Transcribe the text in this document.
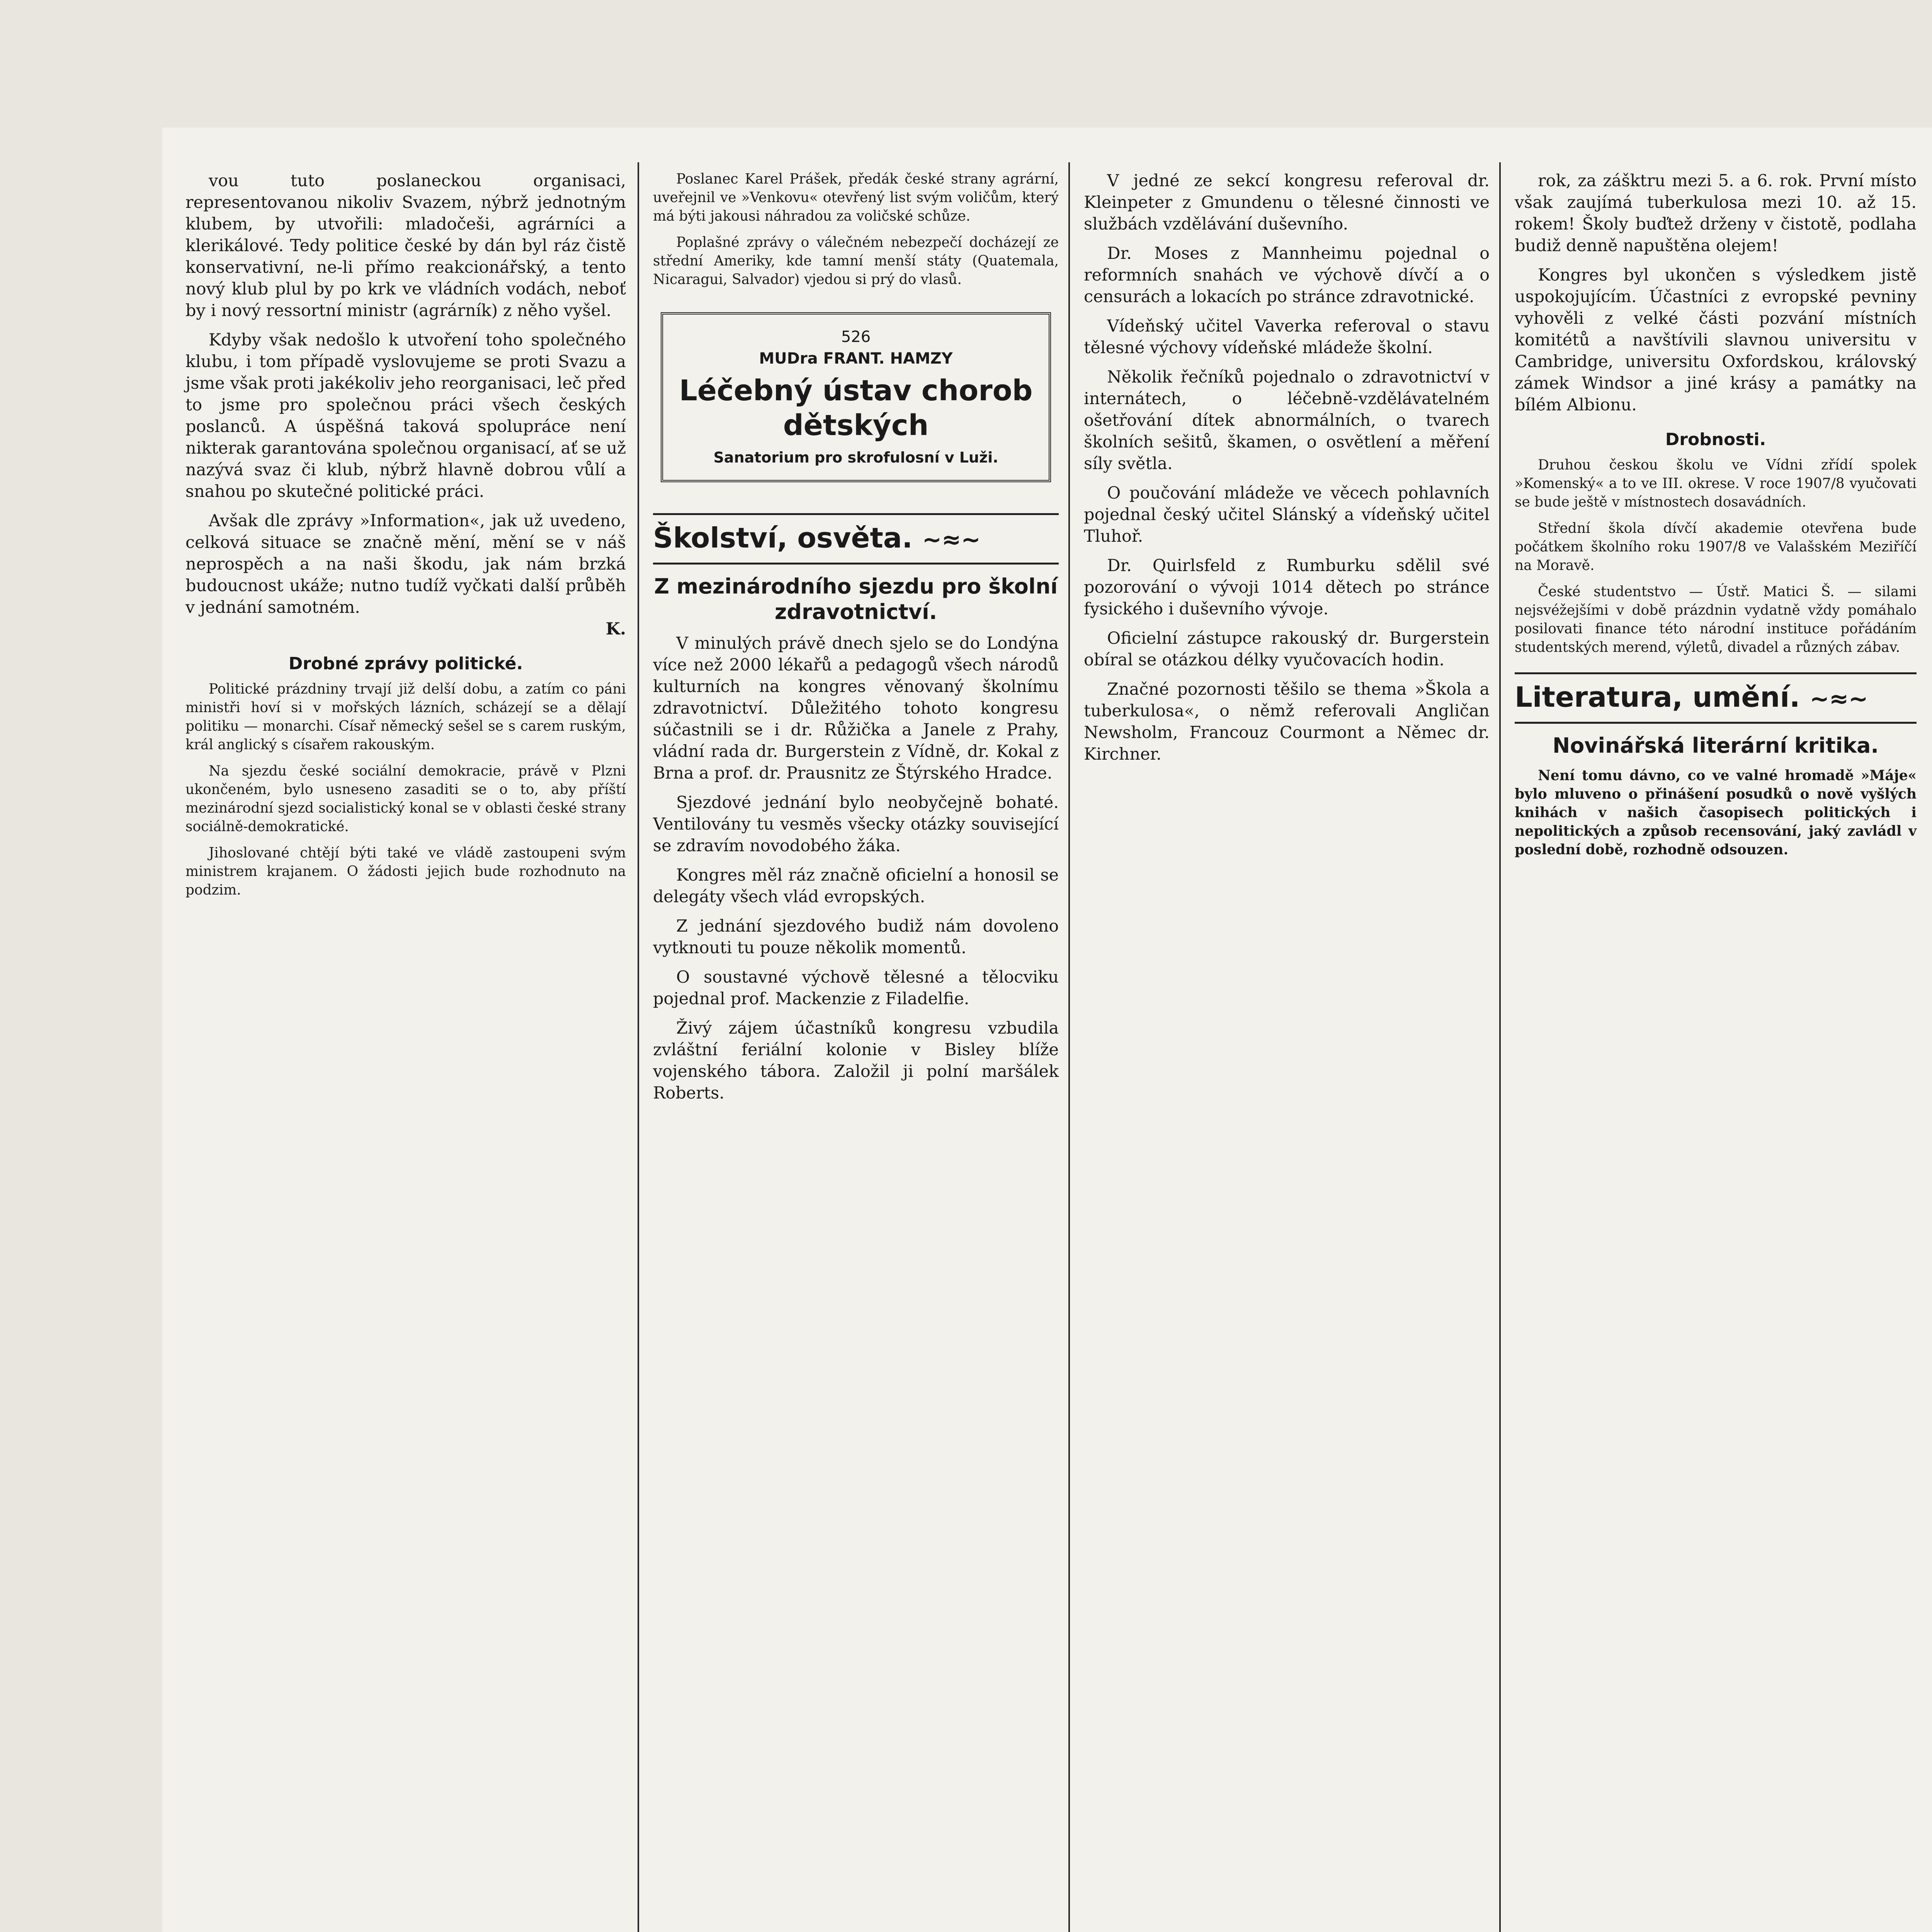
vou tuto poslaneckou organisaci, representovanou nikoliv Svazem, nýbrž jednotným klubem, by utvořili: mladočeši, agrárníci a klerikálové. Tedy politice české by dán byl ráz čistě konservativní, ne-li přímo reakcionářský, a tento nový klub plul by po krk ve vládních vodách, neboť by i nový ressortní ministr (agrárník) z něho vyšel.

Kdyby však nedošlo k utvoření toho společného klubu, i tom případě vyslovujeme se proti Svazu a jsme však proti jakékoliv jeho reorganisaci, leč před to jsme pro společnou práci všech českých poslanců. A úspěšná taková spolupráce není nikterak garantována společnou organisací, ať se už nazývá svaz či klub, nýbrž hlavně dobrou vůlí a snahou po skutečné politické práci.

Avšak dle zprávy »Information«, jak už uvedeno, celková situace se značně mění, mění se v náš neprospěch a na naši škodu, jak nám brzká budoucnost ukáže; nutno tudíž vyčkati další průběh v jednání samotném.

K.
Drobné zprávy politické.

Politické prázdniny trvají již delší dobu, a zatím co páni ministři hoví si v mořských lázních, scházejí se a dělají politiku — monarchi. Císař německý sešel se s carem ruským, král anglický s císařem rakouským.

Na sjezdu české sociální demokracie, právě v Plzni ukončeném, bylo usneseno zasaditi se o to, aby příští mezinárodní sjezd socialistický konal se v oblasti české strany sociálně-demokratické.

Jihoslované chtějí býti také ve vládě zastoupeni svým ministrem krajanem. O žádosti jejich bude rozhodnuto na podzim.

Poslanec Karel Prášek, předák české strany agrární, uveřejnil ve »Venkovu« otevřený list svým voličům, který má býti jakousi náhradou za voličské schůze.

Poplašné zprávy o válečném nebezpečí docházejí ze střední Ameriky, kde tamní menší státy (Quatemala, Nicaragui, Salvador) vjedou si prý do vlasů.

526
MUDra FRANT. HAMZY
Léčebný ústav chorob dětských
Sanatorium pro skrofulosní v Luži.
Školství, osvěta. ~≈~
Z mezinárodního sjezdu pro školní zdravotnictví.

V minulých právě dnech sjelo se do Londýna více než 2000 lékařů a pedagogů všech národů kulturních na kongres věnovaný školnímu zdravotnictví. Důležitého tohoto kongresu súčastnili se i dr. Růžička a Janele z Prahy, vládní rada dr. Burgerstein z Vídně, dr. Kokal z Brna a prof. dr. Prausnitz ze Štýrského Hradce.

Sjezdové jednání bylo neobyčejně bohaté. Ventilovány tu vesměs všecky otázky související se zdravím novodobého žáka.

Kongres měl ráz značně oficielní a honosil se delegáty všech vlád evropských.

Z jednání sjezdového budiž nám dovoleno vytknouti tu pouze několik momentů.

O soustavné výchově tělesné a tělocviku pojednal prof. Mackenzie z Filadelfie.

Živý zájem účastníků kongresu vzbudila zvláštní feriální kolonie v Bisley blíže vojenského tábora. Založil ji polní maršálek Roberts.

V jedné ze sekcí kongresu referoval dr. Kleinpeter z Gmundenu o tělesné činnosti ve službách vzdělávání duševního.

Dr. Moses z Mannheimu pojednal o reformních snahách ve výchově dívčí a o censurách a lokacích po stránce zdravotnické.

Vídeňský učitel Vaverka referoval o stavu tělesné výchovy vídeňské mládeže školní.

Několik řečníků pojednalo o zdravotnictví v internátech, o léčebně-vzdělávatelném ošetřování dítek abnormálních, o tvarech školních sešitů, škamen, o osvětlení a měření síly světla.

O poučování mládeže ve věcech pohlavních pojednal český učitel Slánský a vídeňský učitel Tluhoř.

Dr. Quirlsfeld z Rumburku sdělil své pozorování o vývoji 1014 dětech po stránce fysického i duševního vývoje.

Oficielní zástupce rakouský dr. Burgerstein obíral se otázkou délky vyučovacích hodin.

Značné pozornosti těšilo se thema »Škola a tuberkulosa«, o němž referovali Angličan Newsholm, Francouz Courmont a Němec dr. Kirchner.

rok, za zášktru mezi 5. a 6. rok. První místo však zaujímá tuberkulosa mezi 10. až 15. rokem! Školy buďtež drženy v čistotě, podlaha budiž denně napuštěna olejem!

Kongres byl ukončen s výsledkem jistě uspokojujícím. Účastníci z evropské pevniny vyhověli z velké části pozvání místních komitétů a navštívili slavnou universitu v Cambridge, universitu Oxfordskou, královský zámek Windsor a jiné krásy a památky na bílém Albionu.

Drobnosti.

Druhou českou školu ve Vídni zřídí spolek »Komenský« a to ve III. okrese. V roce 1907/8 vyučovati se bude ještě v místnostech dosavádních.

Střední škola dívčí akademie otevřena bude počátkem školního roku 1907/8 ve Valašském Meziříčí na Moravě.

České studentstvo — Ústř. Matici Š. — silami nejsvéžejšími v době prázdnin vydatně vždy pomáhalo posilovati finance této národní instituce pořádáním studentských merend, výletů, divadel a různých zábav.

Literatura, umění. ~≈~
Novinářská literární kritika.

Není tomu dávno, co ve valné hromadě »Máje« bylo mluveno o přinášení posudků o nově vyšlých knihách v našich časopisech politických i nepolitických a způsob recensování, jaký zavládl v poslední době, rozhodně odsouzen.
